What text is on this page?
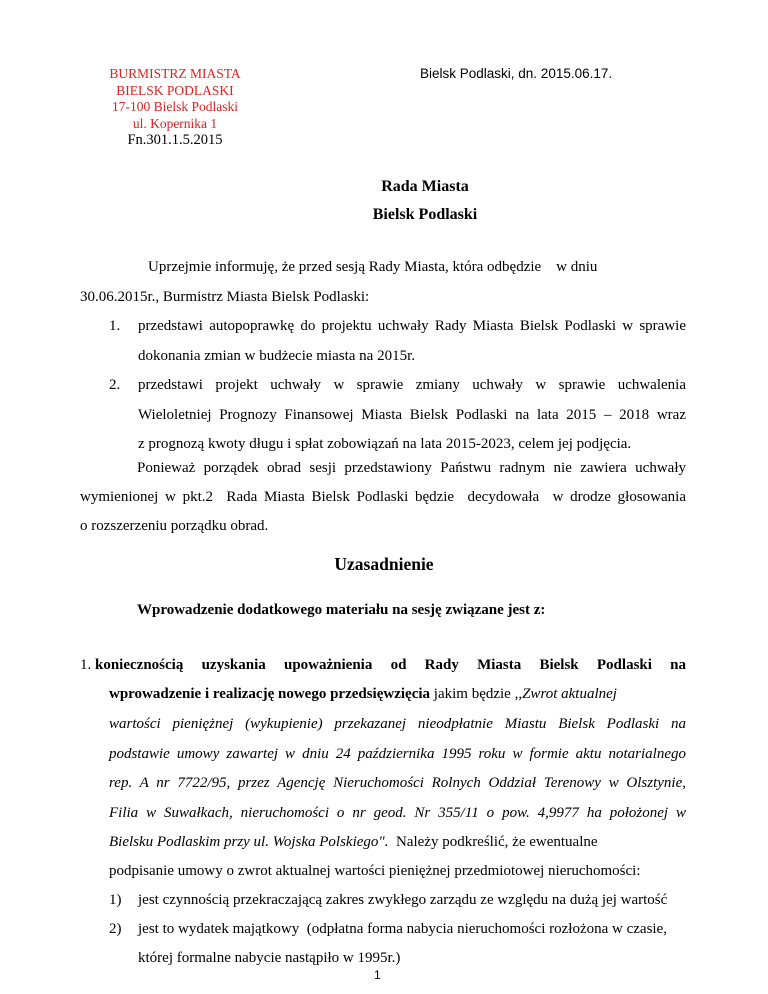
BURMISTRZ MIASTA
BIELSK PODLASKI
17-100 Bielsk Podlaski
ul. Kopernika 1
Fn.301.1.5.2015
Bielsk Podlaski, dn. 2015.06.17.
Rada Miasta
Bielsk Podlaski
Uprzejmie informuję, że przed sesją Rady Miasta, która odbędzie    w dniu
30.06.2015r., Burmistrz Miasta Bielsk Podlaski:
1. przedstawi autopoprawkę do projektu uchwały Rady Miasta Bielsk Podlaski w sprawie
dokonania zmian w budżecie miasta na 2015r.
2. przedstawi projekt uchwały w sprawie zmiany uchwały w sprawie uchwalenia
Wieloletniej Prognozy Finansowej Miasta Bielsk Podlaski na lata 2015 – 2018 wraz
z prognozą kwoty długu i spłat zobowiązań na lata 2015-2023, celem jej podjęcia.
Ponieważ porządek obrad sesji przedstawiony Państwu radnym nie zawiera uchwały
wymienionej w pkt.2  Rada Miasta Bielsk Podlaski będzie  decydowała  w drodze głosowania
o rozszerzeniu porządku obrad.
Uzasadnienie
Wprowadzenie dodatkowego materiału na sesję związane jest z:
1. koniecznością uzyskania upoważnienia od Rady Miasta Bielsk Podlaski na
wprowadzenie i realizację nowego przedsięwzięcia jakim będzie ,,Zwrot aktualnej
wartości pieniężnej (wykupienie) przekazanej nieodpłatnie Miastu Bielsk Podlaski na
podstawie umowy zawartej w dniu 24 października 1995 roku w formie aktu notarialnego
rep. A nr 7722/95, przez Agencję Nieruchomości Rolnych Oddział Terenowy w Olsztynie,
Filia w Suwałkach, nieruchomości o nr geod. Nr 355/11 o pow. 4,9977 ha położonej w
Bielsku Podlaskim przy ul. Wojska Polskiego".  Należy podkreślić, że ewentualne
podpisanie umowy o zwrot aktualnej wartości pieniężnej przedmiotowej nieruchomości:
1) jest czynnością przekraczającą zakres zwykłego zarządu ze względu na dużą jej wartość
2) jest to wydatek majątkowy  (odpłatna forma nabycia nieruchomości rozłożona w czasie,
której formalne nabycie nastąpiło w 1995r.)
1
